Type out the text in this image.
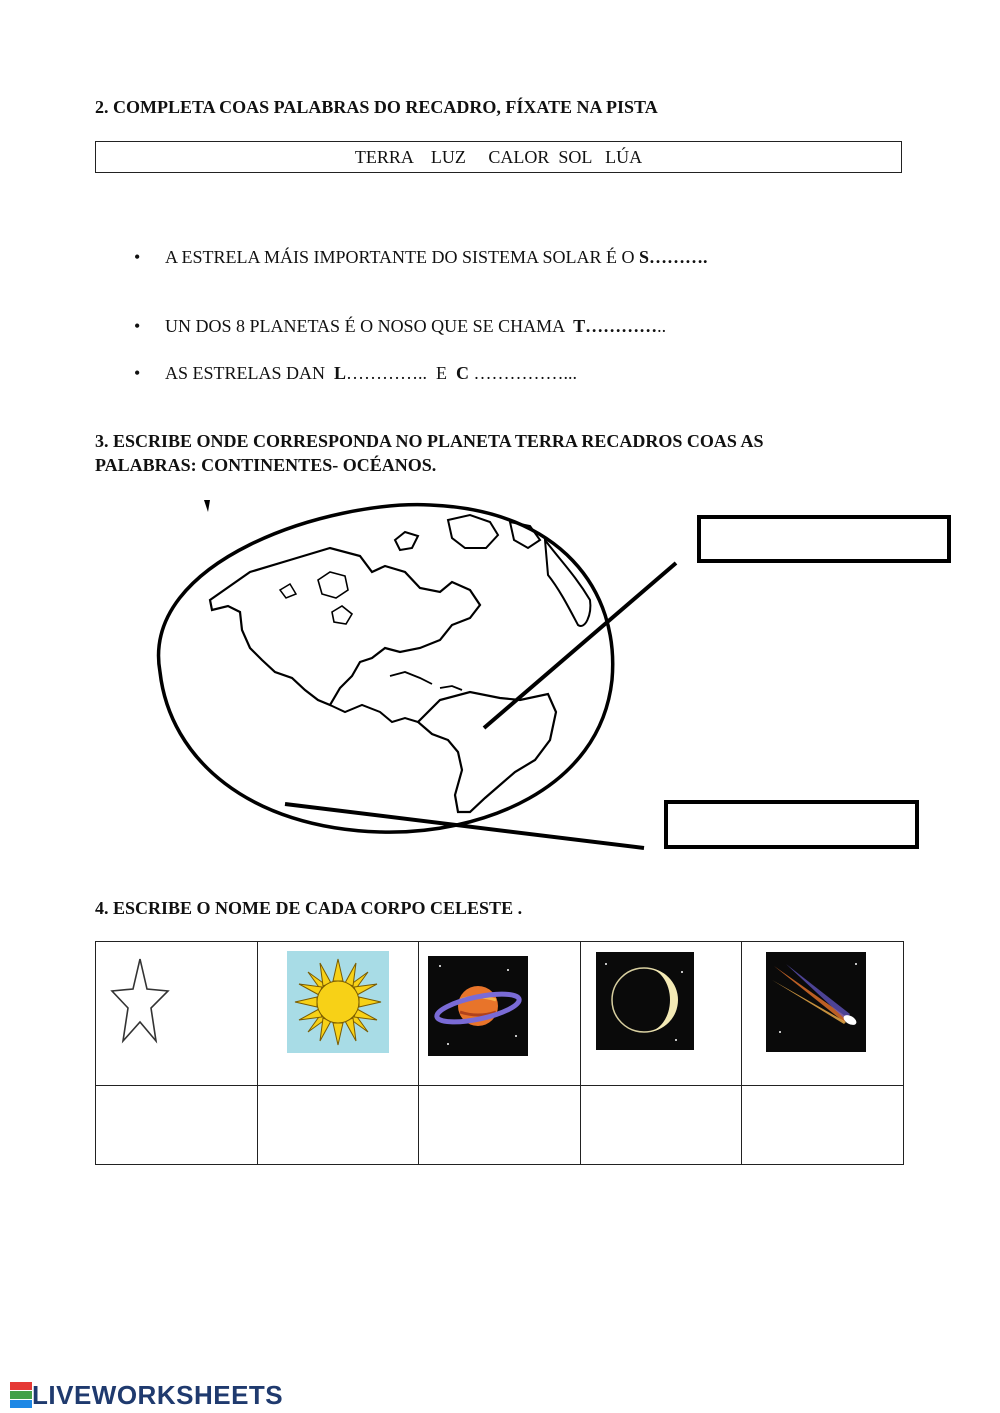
2. COMPLETA COAS PALABRAS DO RECADRO, FÍXATE NA PISTA
TERRA    LUZ     CALOR  SOL   LÚA

• A ESTRELA MÁIS IMPORTANTE DO SISTEMA SOLAR É O S……….

• UN DOS 8 PLANETAS É O NOSO QUE SE CHAMA  T…………..

• AS ESTRELAS DAN  L…………..  E  C ……………...

3. ESCRIBE ONDE CORRESPONDA NO PLANETA TERRA RECADROS COAS AS
PALABRAS: CONTINENTES- OCÉANOS.
4. ESCRIBE O NOME DE CADA CORPO CELESTE .

LIVEWORKSHEETS
